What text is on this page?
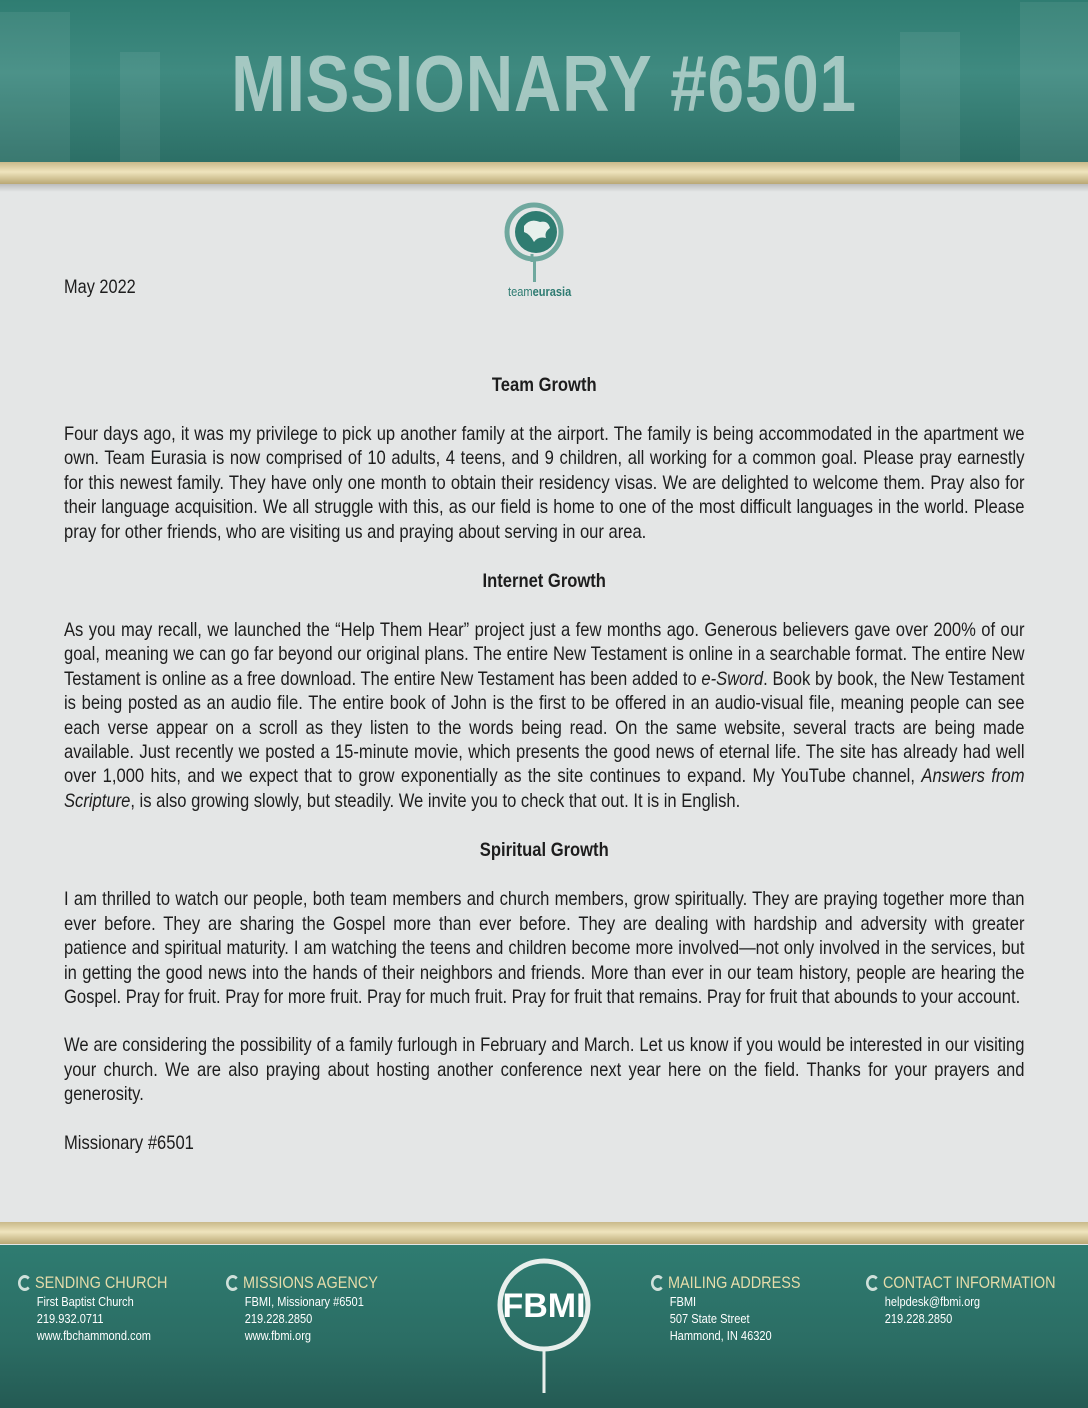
MISSIONARY #6501
teameurasia
May 2022
Team Growth

Four days ago, it was my privilege to pick up another family at the airport. The family is being accommodated in the apartment we own. Team Eurasia is now comprised of 10 adults, 4 teens, and 9 children, all working for a common goal. Please pray earnestly for this newest family. They have only one month to obtain their residency visas. We are delighted to welcome them. Pray also for their language acquisition. We all struggle with this, as our field is home to one of the most difficult languages in the world. Please pray for other friends, who are visiting us and praying about serving in our area.

Internet Growth

As you may recall, we launched the “Help Them Hear” project just a few months ago. Generous believers gave over 200% of our goal, meaning we can go far beyond our original plans. The entire New Testament is online in a searchable format. The entire New Testament is online as a free download. The entire New Testament has been added to e-Sword. Book by book, the New Testament is being posted as an audio file. The entire book of John is the first to be offered in an audio-visual file, meaning people can see each verse appear on a scroll as they listen to the words being read. On the same website, several tracts are being made available. Just recently we posted a 15-minute movie, which presents the good news of eternal life. The site has already had well over 1,000 hits, and we expect that to grow exponentially as the site continues to expand. My YouTube channel, Answers from Scripture, is also growing slowly, but steadily. We invite you to check that out. It is in English.

Spiritual Growth

I am thrilled to watch our people, both team members and church members, grow spiritually. They are praying together more than ever before. They are sharing the Gospel more than ever before. They are dealing with hardship and adversity with greater patience and spiritual maturity. I am watching the teens and children become more involved—not only involved in the services, but in getting the good news into the hands of their neighbors and friends. More than ever in our team history, people are hearing the Gospel. Pray for fruit. Pray for more fruit. Pray for much fruit. Pray for fruit that remains. Pray for fruit that abounds to your account.

We are considering the possibility of a family furlough in February and March. Let us know if you would be interested in our visiting your church. We are also praying about hosting another conference next year here on the field. Thanks for your prayers and generosity.

Missionary #6501

SENDING CHURCH
First Baptist Church
219.932.0711
www.fbchammond.com
MISSIONS AGENCY
FBMI, Missionary #6501
219.228.2850
www.fbmi.org
FBMI
MAILING ADDRESS
FBMI
507 State Street
Hammond, IN 46320
CONTACT INFORMATION
helpdesk@fbmi.org
219.228.2850
